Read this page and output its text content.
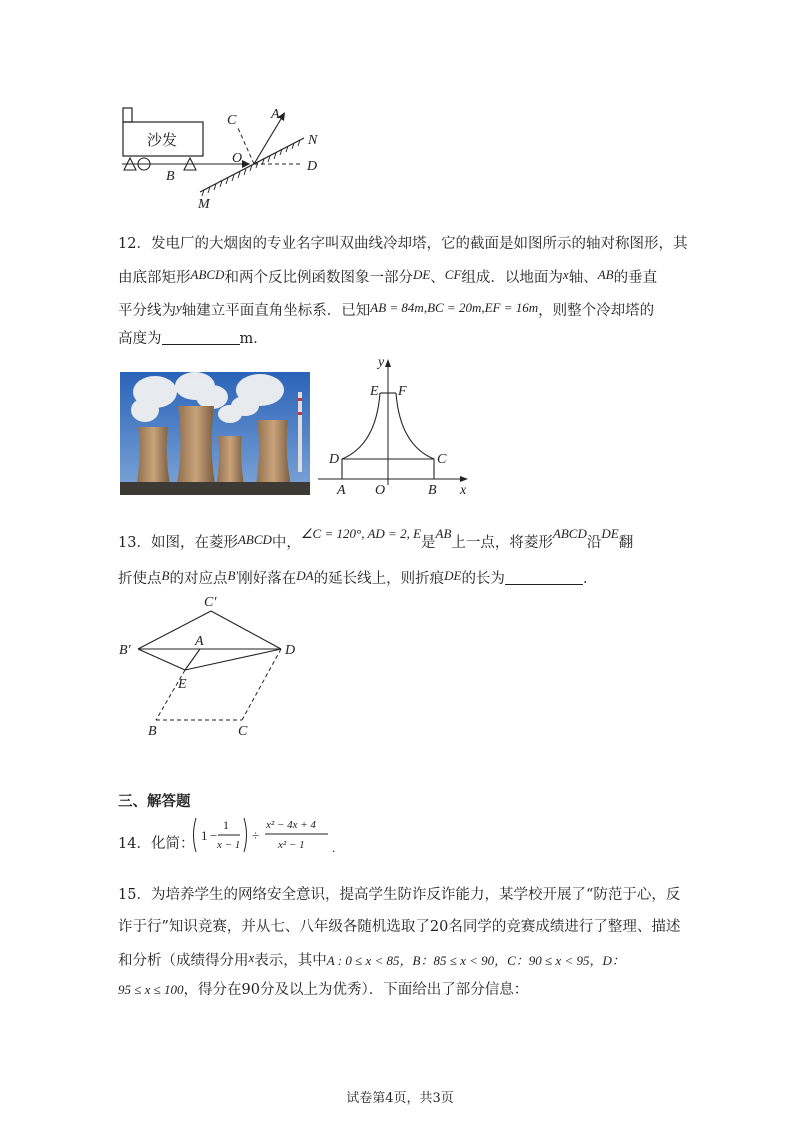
沙发
C A
N
O
D
B
M
12．发电厂的大烟囱的专业名字叫双曲线冷却塔，它的截面是如图所示的轴对称图形，其
由底部矩形ABCD和两个反比例函数图象一部分DE、CF组成．以地面为x轴、AB的垂直
平分线为y轴建立平面直角坐标系．已知AB = 84m,BC = 20m,EF = 16m，则整个冷却塔的
高度为	m．
y
E F
D	C
A O	B x
13．如图，在菱形ABCD中，∠C = 120°, AD = 2, E是AB上一点，将菱形ABCD沿DE翻
折使点B的对应点B′刚好落在DA的延长线上，则折痕DE的长为	．
C′
B′
A
D
E
B	C
三、解答题
14．化简：
1 −
1
x − 1
÷
x² − 4x + 4
x² − 1 .
15．为培养学生的网络安全意识，提高学生防诈反诈能力，某学校开展了“防范于心，反
诈于行”知识竞赛，并从七、八年级各随机选取了20名同学的竞赛成绩进行了整理、描述
和分析（成绩得分用x表示，其中A : 0 ≤ x < 85，B：85 ≤ x < 90，C：90 ≤ x < 95，D：
95 ≤ x ≤ 100，得分在90分及以上为优秀）．下面给出了部分信息：
试卷第4页，共3页
